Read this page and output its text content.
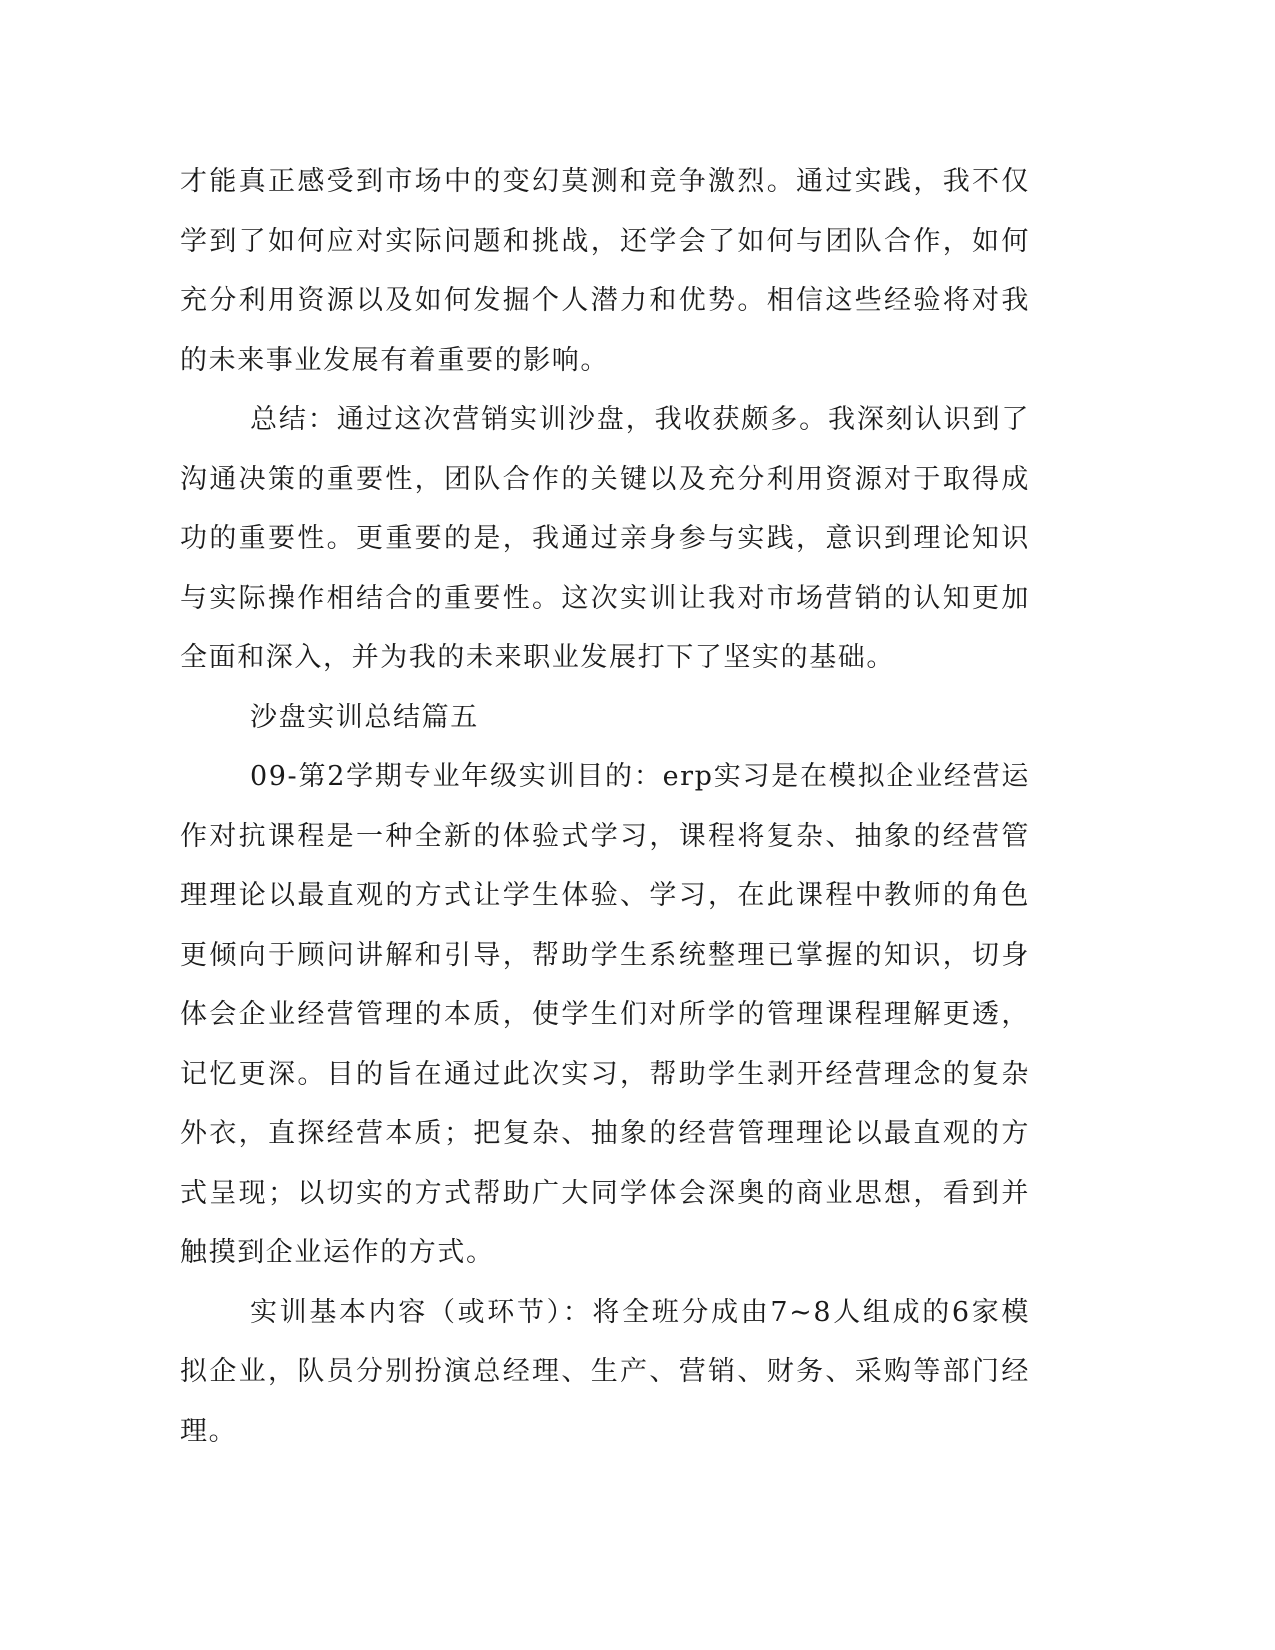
才能真正感受到市场中的变幻莫测和竞争激烈。通过实践，我不仅学到了如何应对实际问题和挑战，还学会了如何与团队合作，如何充分利用资源以及如何发掘个人潜力和优势。相信这些经验将对我的未来事业发展有着重要的影响。

总结：通过这次营销实训沙盘，我收获颇多。我深刻认识到了沟通决策的重要性，团队合作的关键以及充分利用资源对于取得成功的重要性。更重要的是，我通过亲身参与实践，意识到理论知识与实际操作相结合的重要性。这次实训让我对市场营销的认知更加全面和深入，并为我的未来职业发展打下了坚实的基础。

沙盘实训总结篇五

09-第2学期专业年级实训目的：erp实习是在模拟企业经营运作对抗课程是一种全新的体验式学习，课程将复杂、抽象的经营管理理论以最直观的方式让学生体验、学习，在此课程中教师的角色更倾向于顾问讲解和引导，帮助学生系统整理已掌握的知识，切身体会企业经营管理的本质，使学生们对所学的管理课程理解更透，记忆更深。目的旨在通过此次实习，帮助学生剥开经营理念的复杂外衣，直探经营本质；把复杂、抽象的经营管理理论以最直观的方式呈现；以切实的方式帮助广大同学体会深奥的商业思想，看到并触摸到企业运作的方式。

实训基本内容（或环节）：将全班分成由7~8人组成的6家模拟企业，队员分别扮演总经理、生产、营销、财务、采购等部门经理。
